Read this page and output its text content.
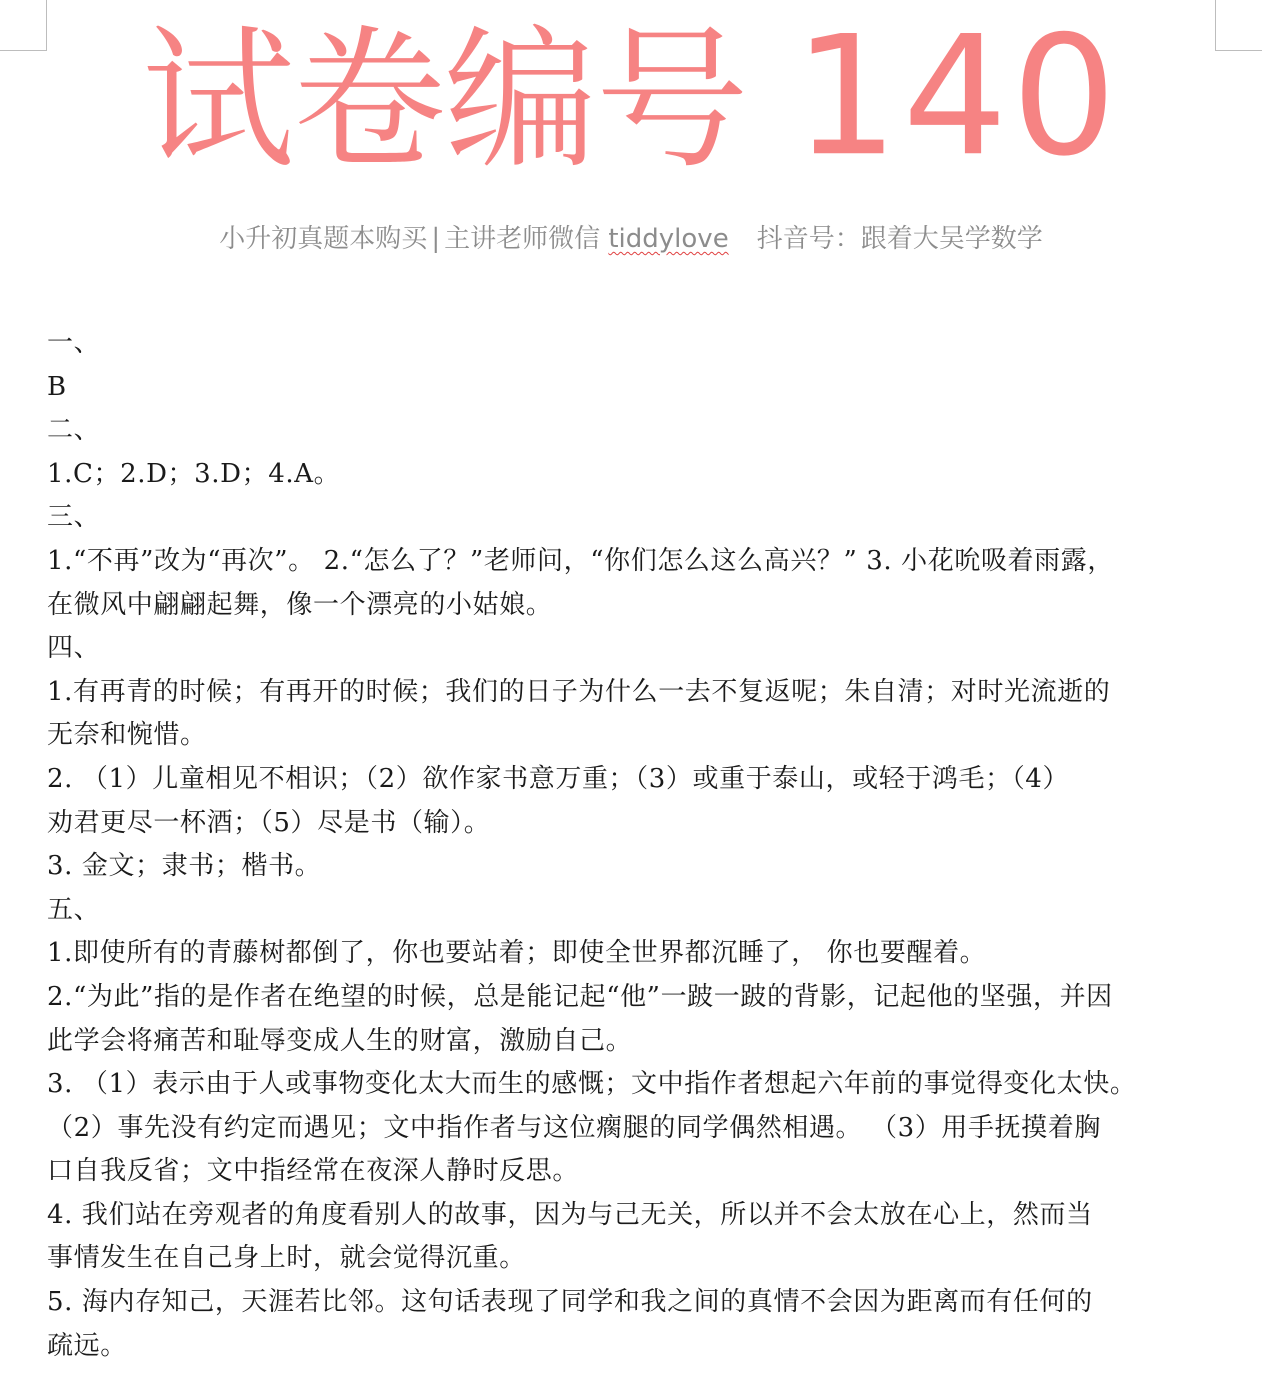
试卷编号 140
小升初真题本购买 | 主讲老师微信 tiddylove 抖音号：跟着大吴学数学
一、
B
二、
1.C；2.D；3.D；4.A。
三、
1.“不再”改为“再次”。 2.“怎么了？”老师问，“你们怎么这么高兴？” 3. 小花吮吸着雨露，
在微风中翩翩起舞，像一个漂亮的小姑娘。
四、
1.有再青的时候；有再开的时候；我们的日子为什么一去不复返呢；朱自清；对时光流逝的
无奈和惋惜。
2. （1）儿童相见不相识；（2）欲作家书意万重；（3）或重于泰山，或轻于鸿毛；（4）
劝君更尽一杯酒；（5）尽是书（输）。
3. 金文；隶书；楷书。
五、
1.即使所有的青藤树都倒了，你也要站着；即使全世界都沉睡了， 你也要醒着。
2.“为此”指的是作者在绝望的时候，总是能记起“他”一跛一跛的背影，记起他的坚强，并因
此学会将痛苦和耻辱变成人生的财富，激励自己。
3. （1）表示由于人或事物变化太大而生的感慨；文中指作者想起六年前的事觉得变化太快。
（2）事先没有约定而遇见；文中指作者与这位瘸腿的同学偶然相遇。 （3）用手抚摸着胸
口自我反省；文中指经常在夜深人静时反思。
4. 我们站在旁观者的角度看别人的故事，因为与己无关，所以并不会太放在心上，然而当
事情发生在自己身上时，就会觉得沉重。
5. 海内存知己，天涯若比邻。这句话表现了同学和我之间的真情不会因为距离而有任何的
疏远。
